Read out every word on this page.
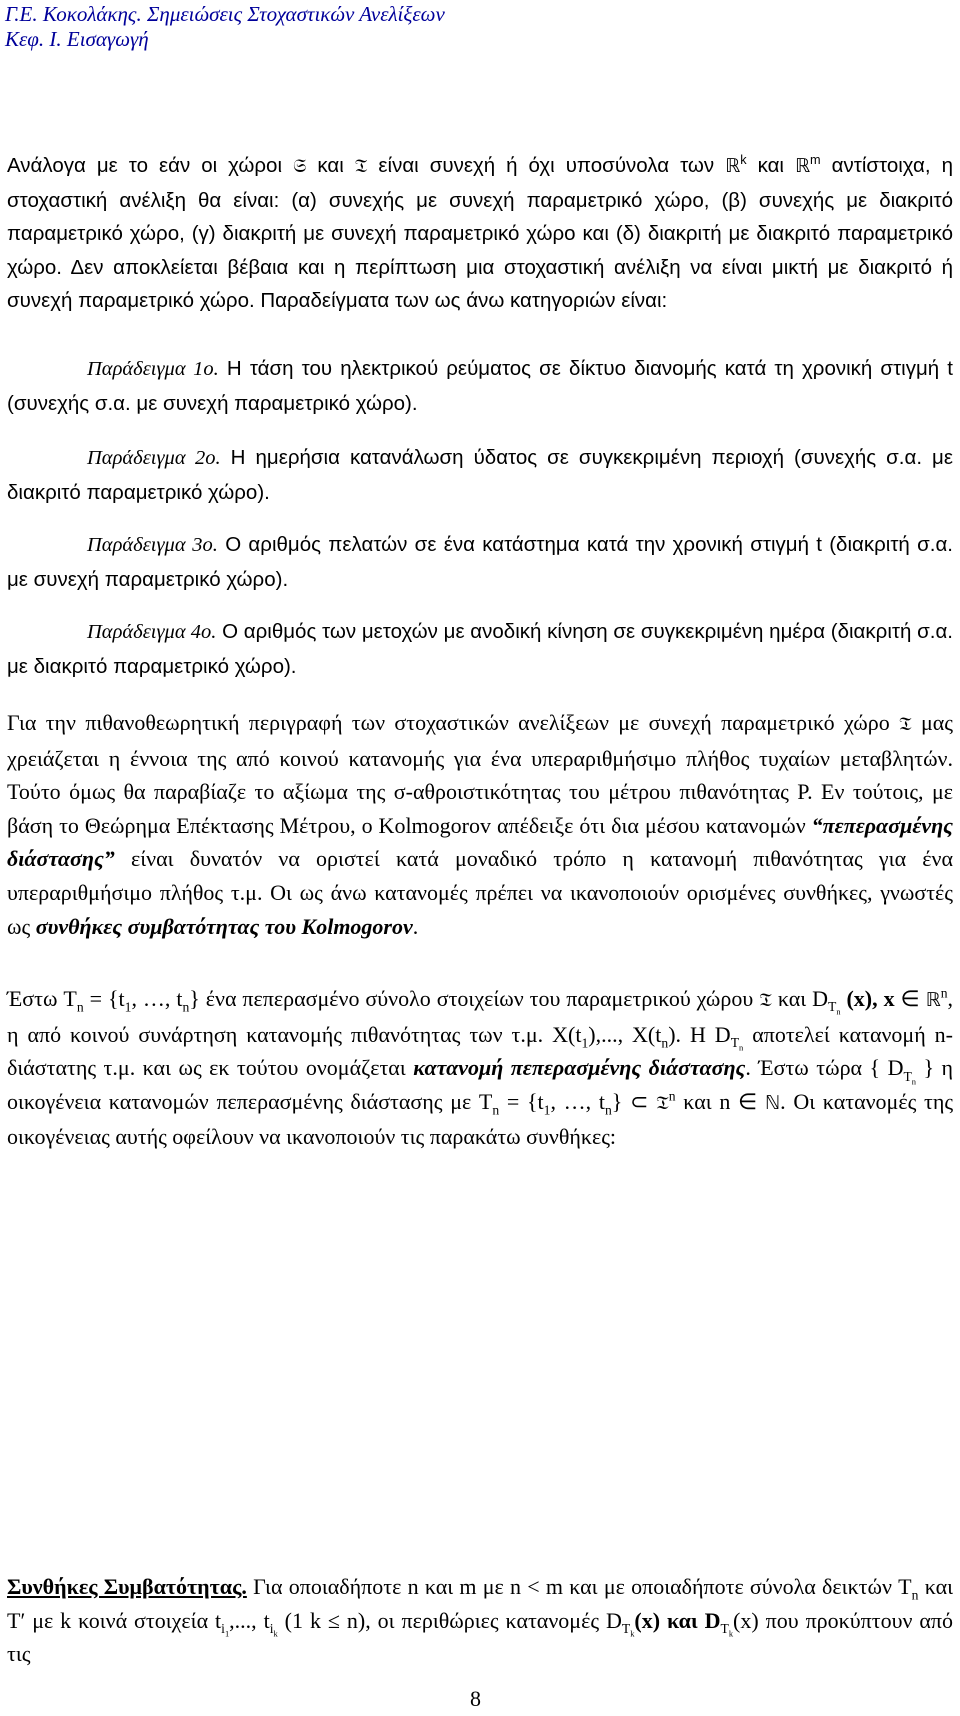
Γ.Ε. Κοκολάκης. Σημειώσεις Στοχαστικών Ανελίξεων
Κεφ. Ι. Εισαγωγή

Ανάλογα με το εάν οι χώροι 𝔖 και 𝔗 είναι συνεχή ή όχι υποσύνολα των ℝ$^k$ και ℝ$^m$ αντίστοιχα, η στοχαστική ανέλιξη θα είναι: (α) συνεχής με συνεχή παραμετρικό χώρο, (β) συνεχής με διακριτό παραμετρικό χώρο, (γ) διακριτή με συνεχή παραμετρικό χώρο και (δ) διακριτή με διακριτό παραμετρικό χώρο. Δεν αποκλείεται βέβαια και η περίπτωση μια στοχαστική ανέλιξη να είναι μικτή με διακριτό ή συνεχή παραμετρικό χώρο. Παραδείγματα των ως άνω κατηγοριών είναι:

Παράδειγμα 1ο. Η τάση του ηλεκτρικού ρεύματος σε δίκτυο διανομής κατά τη χρονική στιγμή t (συνεχής σ.α. με συνεχή παραμετρικό χώρο).

Παράδειγμα 2ο. Η ημερήσια κατανάλωση ύδατος σε συγκεκριμένη περιοχή (συνεχής σ.α. με διακριτό παραμετρικό χώρο).

Παράδειγμα 3ο. Ο αριθμός πελατών σε ένα κατάστημα κατά την χρονική στιγμή t (διακριτή σ.α. με συνεχή παραμετρικό χώρο).

Παράδειγμα 4ο. Ο αριθμός των μετοχών με ανοδική κίνηση σε συγκεκριμένη ημέρα (διακριτή σ.α. με διακριτό παραμετρικό χώρο).

Για την πιθανοθεωρητική περιγραφή των στοχαστικών ανελίξεων με συνεχή παραμετρικό χώρο 𝔗 μας χρειάζεται η έννοια της από κοινού κατανομής για ένα υπεραριθμήσιμο πλήθος τυχαίων μεταβλητών. Τούτο όμως θα παραβίαζε το αξίωμα της σ-αθροιστικότητας του μέτρου πιθανότητας P. Εν τούτοις, με βάση το Θεώρημα Επέκτασης Μέτρου, ο Kolmogorov απέδειξε ότι δια μέσου κατανομών “πεπερασμένης διάστασης” είναι δυνατόν να οριστεί κατά μοναδικό τρόπο η κατανομή πιθανότητας για ένα υπεραριθμήσιμο πλήθος τ.μ. Οι ως άνω κατανομές πρέπει να ικανοποιούν ορισμένες συνθήκες, γνωστές ως συνθήκες συμβατότητας του Kolmogorov.

Έστω $T_n = \{t_1$, …, $t_n$} ένα πεπερασμένο σύνολο στοιχείων του παραμετρικού χώρου 𝔗 και $D_{T_n}$ (x), x ∈ ℝ$^n$, η από κοινού συνάρτηση κατανομής πιθανότητας των τ.μ. $X(t_1)$,..., $X(t_n)$. Η $D_{T_n}$ αποτελεί κατανομή n-διάστατης τ.μ. και ως εκ τούτου ονομάζεται κατανομή πεπερασμένης διάστασης. Έστω τώρα { $D_{T_n}$ } η οικογένεια κατανομών πεπερασμένης διάστασης με $T_n = \{t_1$, …, $t_n$} ⊂ 𝔗$^n$ και n ∈ ℕ. Οι κατανομές της οικογένειας αυτής οφείλουν να ικανοποιούν τις παρακάτω συνθήκες:

Συνθήκες Συμβατότητας. Για οποιαδήποτε n και m με n < m και με οποιαδήποτε σύνολα δεικτών $T_n$ και T′ με k κοινά στοιχεία $t_{i_1}$,..., $t_{i_k}$ (1 k ≤ n), οι περιθώριες κατανομές $D_{T_k}(x)$ και $D_{T_k}(x)$ που προκύπτουν από τις

8
